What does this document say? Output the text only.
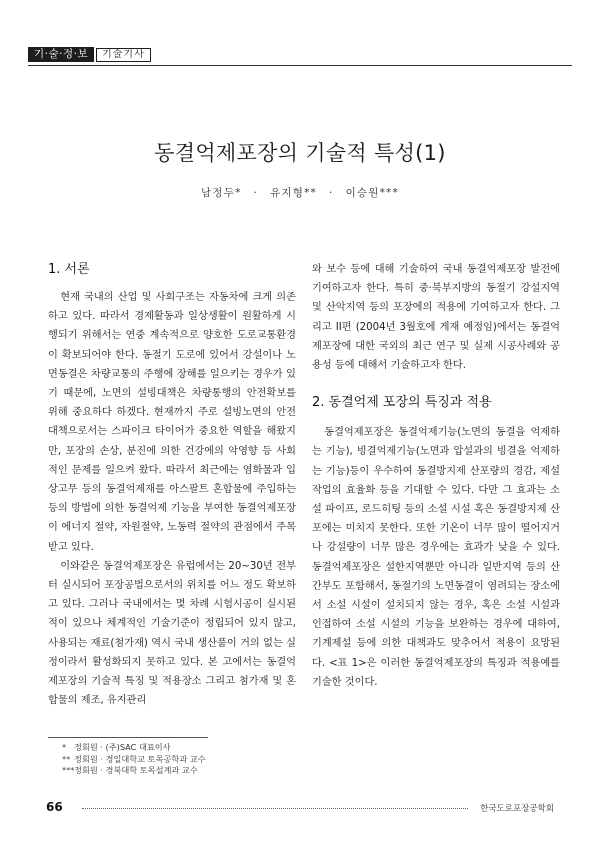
기·술·정·보	기술기사
동결억제포장의 기술적 특성(1)
남정두* · 유지형** · 이승원***
1. 서론

현재 국내의 산업 및 사회구조는 자동차에 크게 의존하고 있다. 따라서 경제활동과 일상생활이 원활하게 시행되기 위해서는 연중 계속적으로 양호한 도로교통환경이 확보되어야 한다. 동절기 도로에 있어서 강설이나 노면동결은 차량교통의 주행에 장해를 일으키는 경우가 있기 때문에, 노면의 설빙대책은 차량통행의 안전확보를 위해 중요하다 하겠다. 현재까지 주로 설빙노면의 안전대책으로서는 스파이크 타이어가 중요한 역할을 해왔지만, 포장의 손상, 분진에 의한 건강에의 악영향 등 사회적인 문제를 일으켜 왔다. 따라서 최근에는 염화물과 입상고무 등의 동결억제재를 아스팔트 혼합물에 주입하는 등의 방법에 의한 동결억제 기능을 부여한 동결억제포장이 에너지 절약, 자원절약, 노동력 절약의 관점에서 주목받고 있다.

이와같은 동결억제포장은 유럽에서는 20~30년 전부터 실시되어 포장공법으로서의 위치를 어느 정도 확보하고 있다. 그러나 국내에서는 몇 차례 시험시공이 실시된 적이 있으나 체계적인 기술기준이 정립되어 있지 않고, 사용되는 재료(첨가재) 역시 국내 생산품이 거의 없는 실정이라서 활성화되지 못하고 있다. 본 고에서는 동결억제포장의 기술적 특징 및 적용장소 그리고 첨가재 및 혼합물의 제조, 유지관리

와 보수 등에 대해 기술하여 국내 동결억제포장 발전에 기여하고자 한다. 특히 중·북부지방의 동절기 강설지역 및 산악지역 등의 포장에의 적용에 기여하고자 한다. 그리고 II편 (2004년 3월호에 게재 예정임)에서는 동결억제포장에 대한 국외의 최근 연구 및 실제 시공사례와 공용성 등에 대해서 기술하고자 한다.

2. 동결억제 포장의 특징과 적용

동결억제포장은 동결억제기능(노면의 동결을 억제하는 기능), 빙결억제기능(노면과 압설과의 빙결을 억제하는 기능)등이 우수하여 동결방지제 산포량의 경감, 제설작업의 효율화 등을 기대할 수 있다. 다만 그 효과는 소설 파이프, 로드히팅 등의 소설 시설 혹은 동결방지제 산포에는 미치지 못한다. 또한 기온이 너무 많이 떨어지거나 강설량이 너무 많은 경우에는 효과가 낮을 수 있다. 동결억제포장은 설한지역뿐만 아니라 일반지역 등의 산간부도 포함해서, 동절기의 노면동결이 염려되는 장소에서 소설 시설이 설치되지 않는 경우, 혹은 소설 시설과 인접하여 소설 시설의 기능을 보완하는 경우에 대하여, 기계제설 등에 의한 대책과도 맞추어서 적용이 요망된다. <표 1>은 이러한 동결억제포장의 특징과 적용예를 기술한 것이다.

* 정회원 · (주)SAC 대표이사
** 정회원 · 경일대학교 토목공학과 교수
***정회원 · 경북대학 토목설계과 교수
66	한국도로포장공학회
